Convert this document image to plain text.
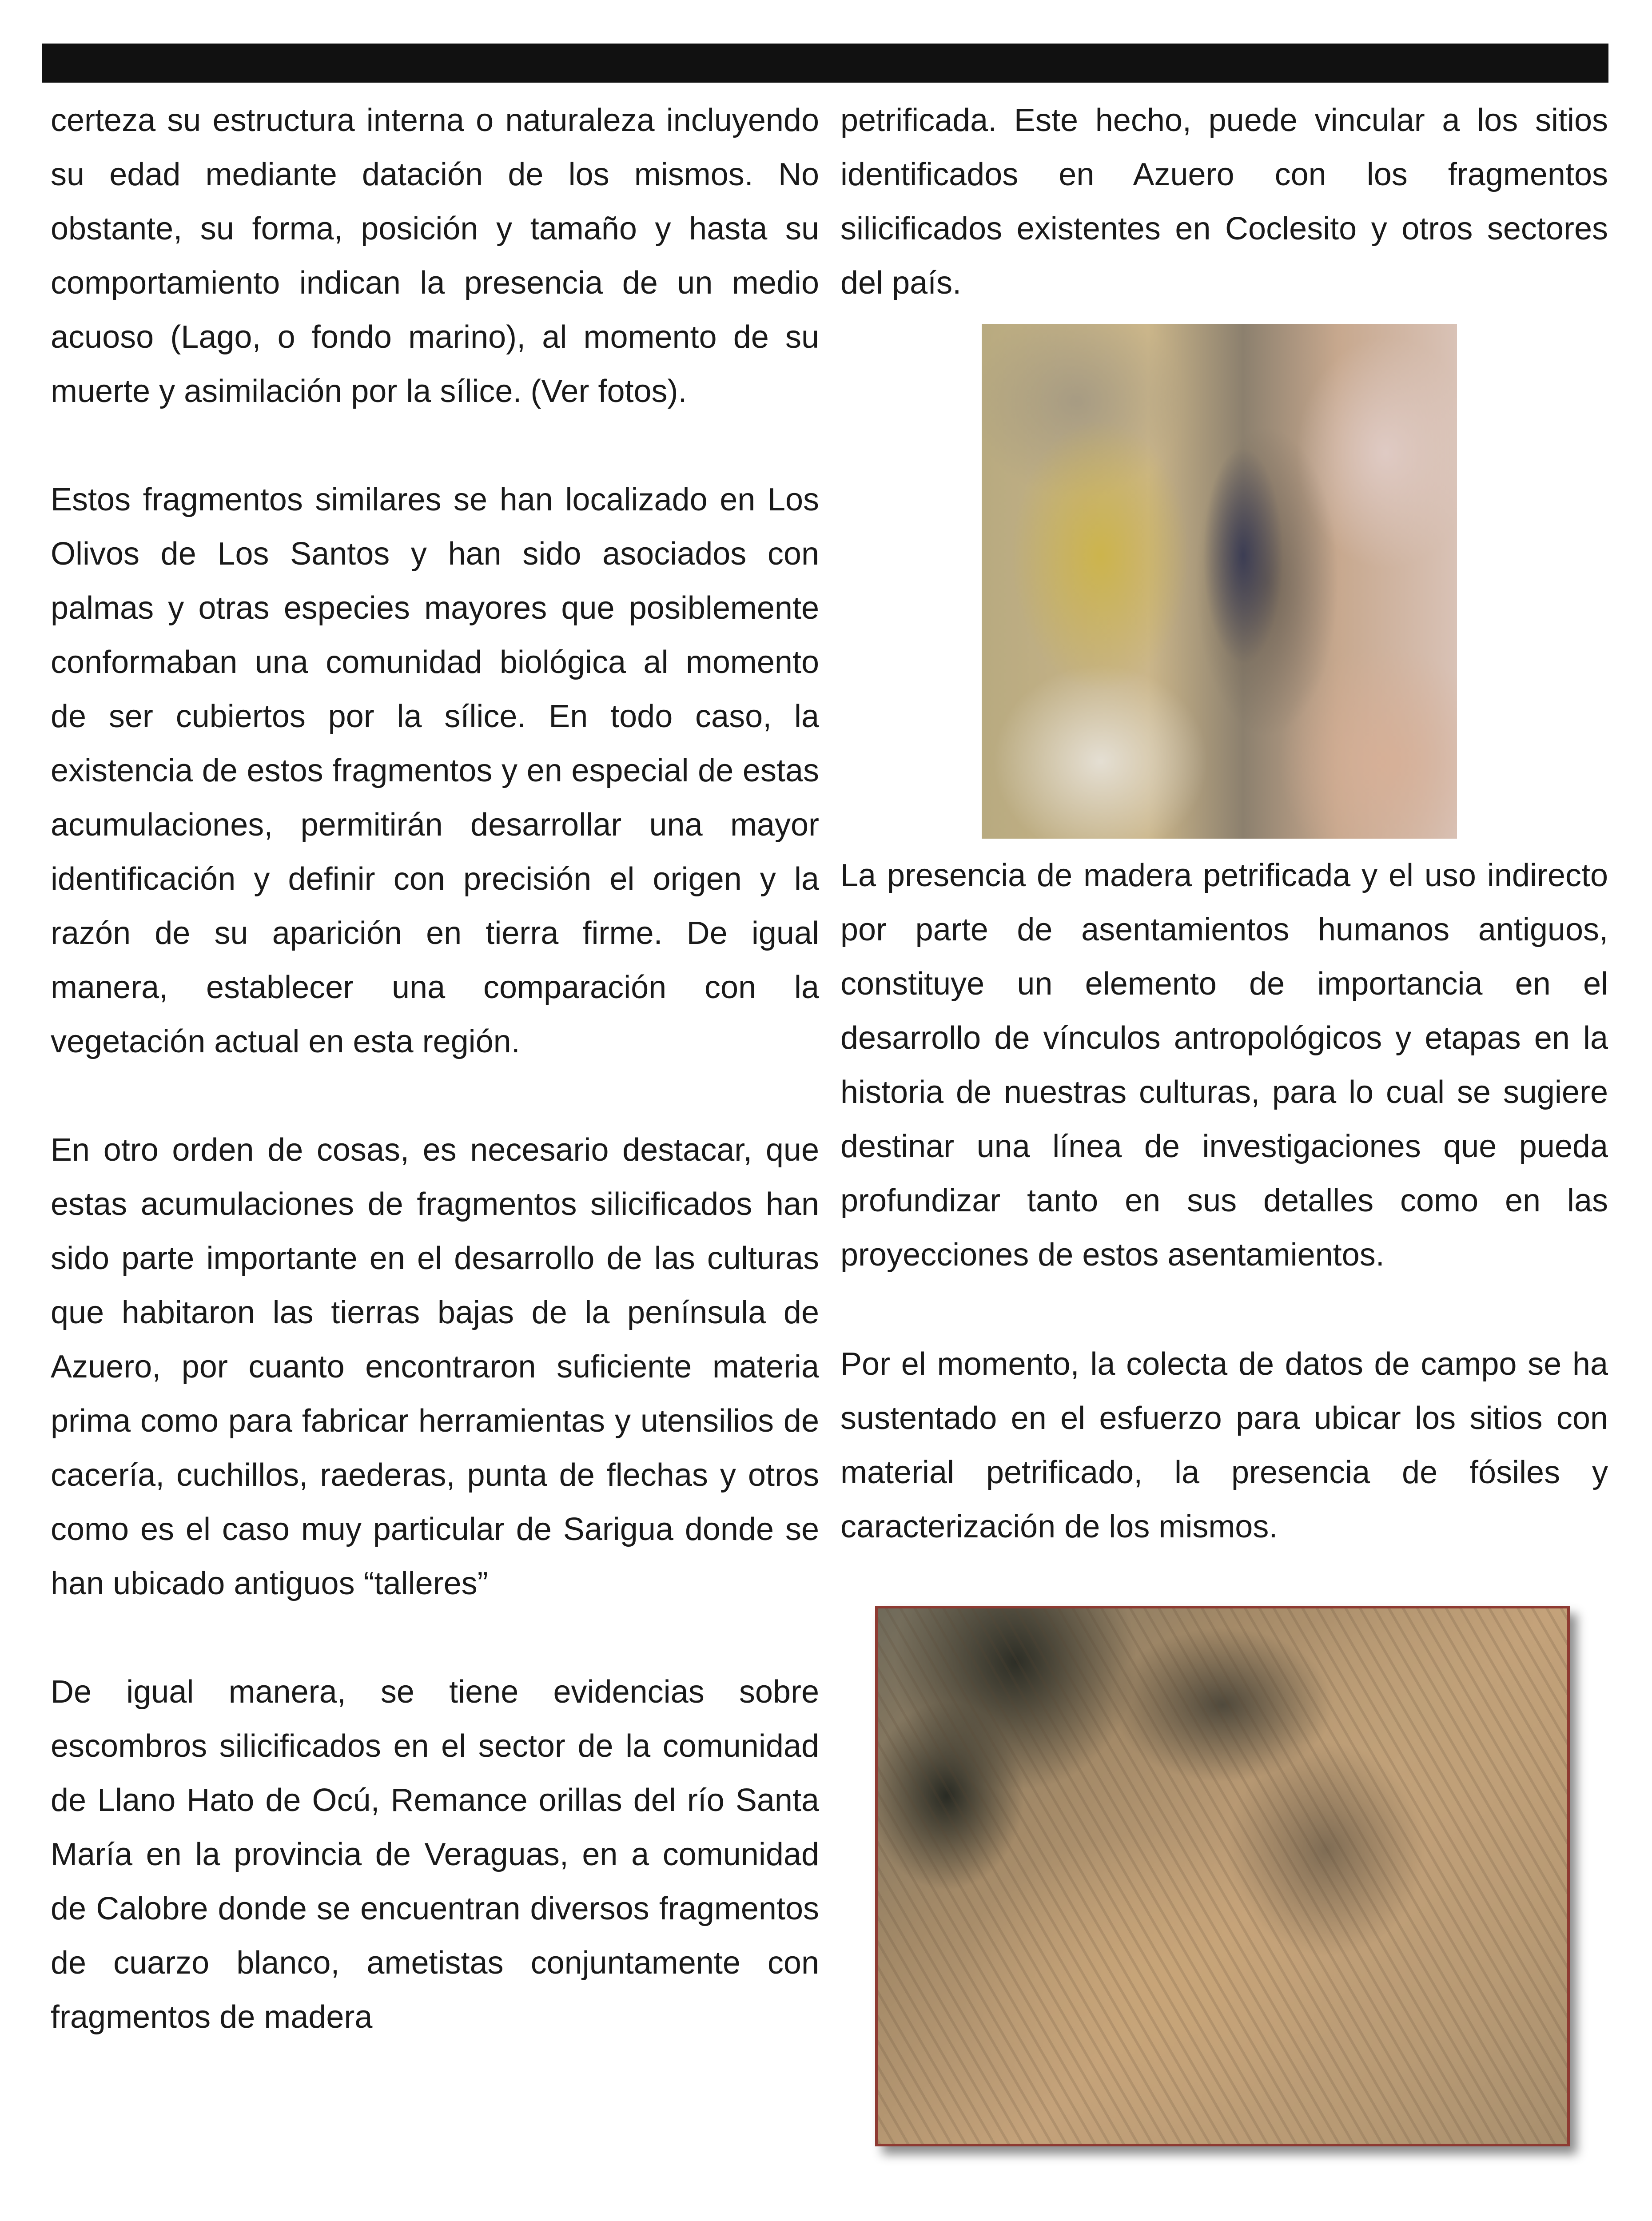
certeza su estructura interna o naturaleza incluyendo su edad mediante datación de los mismos. No obstante, su forma, posición y tamaño y hasta su comportamiento indican la presencia de un medio acuoso (Lago, o fondo marino), al momento de su muerte y asimilación por la sílice. (Ver fotos).

Estos fragmentos similares se han localizado en Los Olivos de Los Santos y han sido asociados con palmas y otras especies mayores que posiblemente conformaban una comunidad biológica al momento de ser cubiertos por la sílice. En todo caso, la existencia de estos fragmentos y en especial de estas acumulaciones, permitirán desarrollar una mayor identificación y definir con precisión el origen y la razón de su aparición en tierra firme. De igual manera, establecer una comparación con la vegetación actual en esta región.

En otro orden de cosas, es necesario destacar, que estas acumulaciones de fragmentos silicificados han sido parte importante en el desarrollo de las culturas que habitaron las tierras bajas de la península de Azuero, por cuanto encontraron suficiente materia prima como para fabricar herramientas y utensilios de cacería, cuchillos, raederas, punta de flechas y otros como es el caso muy particular de Sarigua donde se han ubicado antiguos “talleres”

De igual manera, se tiene evidencias sobre escombros silicificados en el sector de la comunidad de Llano Hato de Ocú, Remance orillas del río Santa María en la provincia de Veraguas, en a comunidad de Calobre donde se encuentran diversos fragmentos de cuarzo blanco, ametistas conjuntamente con fragmentos de madera

petrificada. Este hecho, puede vincular a los sitios identificados en Azuero con los fragmentos silicificados existentes en Coclesito y otros sectores del país.

La presencia de madera petrificada y el uso indirecto por parte de asentamientos humanos antiguos, constituye un elemento de importancia en el desarrollo de vínculos antropológicos y etapas en la historia de nuestras culturas, para lo cual se sugiere destinar una línea de investigaciones que pueda profundizar tanto en sus detalles como en las proyecciones de estos asentamientos.

Por el momento, la colecta de datos de campo se ha sustentado en el esfuerzo para ubicar los sitios con material petrificado, la presencia de fósiles y caracterización de los mismos.
